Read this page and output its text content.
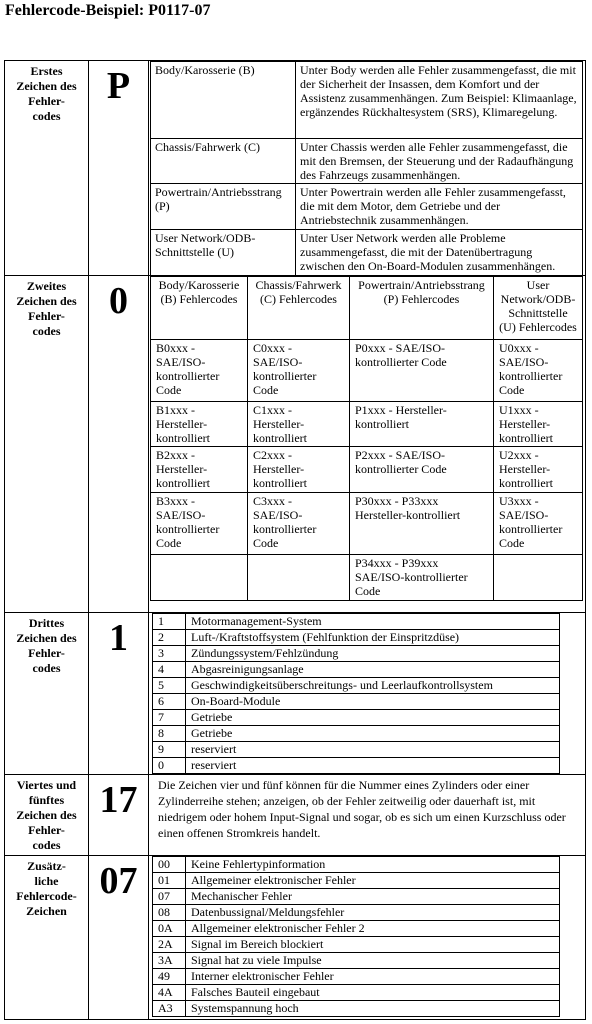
Fehlercode-Beispiel: P0117-07
Erstes
Zeichen des
Fehler-
codes
P	Body/Karosserie (B)	Unter Body werden alle Fehler zusammengefasst, die mit der Sicherheit der Insassen, dem Komfort und der Assistenz zusammenhängen. Zum Beispiel: Klimaanlage, ergänzendes Rückhaltesystem (SRS), Klimaregelung.
Chassis/Fahrwerk (C)	Unter Chassis werden alle Fehler zusammengefasst, die mit den Bremsen, der Steuerung und der Radaufhängung des Fahrzeugs zusammenhängen.
Powertrain/Antriebsstrang (P)	Unter Powertrain werden alle Fehler zusammengefasst, die mit dem Motor, dem Getriebe und der Antriebstechnik zusammenhängen.
User Network/ODB-Schnittstelle (U)	Unter User Network werden alle Probleme zusammengefasst, die mit der Datenübertragung zwischen den On-Board-Modulen zusammenhängen.
Zweites
Zeichen des
Fehler-
codes
0	Body/Karosserie (B) Fehlercodes	Chassis/Fahrwerk (C) Fehlercodes	Powertrain/Antriebsstrang (P) Fehlercodes	User Network/ODB-Schnittstelle (U) Fehlercodes
B0xxx - SAE/ISO-kontrollierter Code	C0xxx - SAE/ISO-kontrollierter Code	P0xxx - SAE/ISO-kontrollierter Code	U0xxx - SAE/ISO-kontrollierter Code
B1xxx - Hersteller-kontrolliert	C1xxx - Hersteller-kontrolliert	P1xxx - Hersteller-kontrolliert	U1xxx - Hersteller-kontrolliert
B2xxx - Hersteller-kontrolliert	C2xxx - Hersteller-kontrolliert	P2xxx - SAE/ISO-kontrollierter Code	U2xxx - Hersteller-kontrolliert
B3xxx - SAE/ISO-kontrollierter Code	C3xxx - SAE/ISO-kontrollierter Code	P30xxx - P33xxx Hersteller-kontrolliert	U3xxx - SAE/ISO-kontrollierter Code
		P34xxx - P39xxx SAE/ISO-kontrollierter Code	
Drittes
Zeichen des
Fehler-
codes
1	1	Motormanagement-System
2	Luft-/Kraftstoffsystem (Fehlfunktion der Einspritzdüse)
3	Zündungssystem/Fehlzündung
4	Abgasreinigungsanlage
5	Geschwindigkeitsüberschreitungs- und Leerlaufkontrollsystem
6	On-Board-Module
7	Getriebe
8	Getriebe
9	reserviert
0	reserviert
Viertes und
fünftes
Zeichen des
Fehler-
codes
17	Die Zeichen vier und fünf können für die Nummer eines Zylinders oder einer Zylinderreihe stehen; anzeigen, ob der Fehler zeitweilig oder dauerhaft ist, mit niedrigem oder hohem Input-Signal und sogar, ob es sich um einen Kurzschluss oder einen offenen Stromkreis handelt.
Zusätz-
liche
Fehlercode-
Zeichen
07	00	Keine Fehlertypinformation
01	Allgemeiner elektronischer Fehler
07	Mechanischer Fehler
08	Datenbussignal/Meldungsfehler
0A	Allgemeiner elektronischer Fehler 2
2A	Signal im Bereich blockiert
3A	Signal hat zu viele Impulse
49	Interner elektronischer Fehler
4A	Falsches Bauteil eingebaut
A3	Systemspannung hoch
